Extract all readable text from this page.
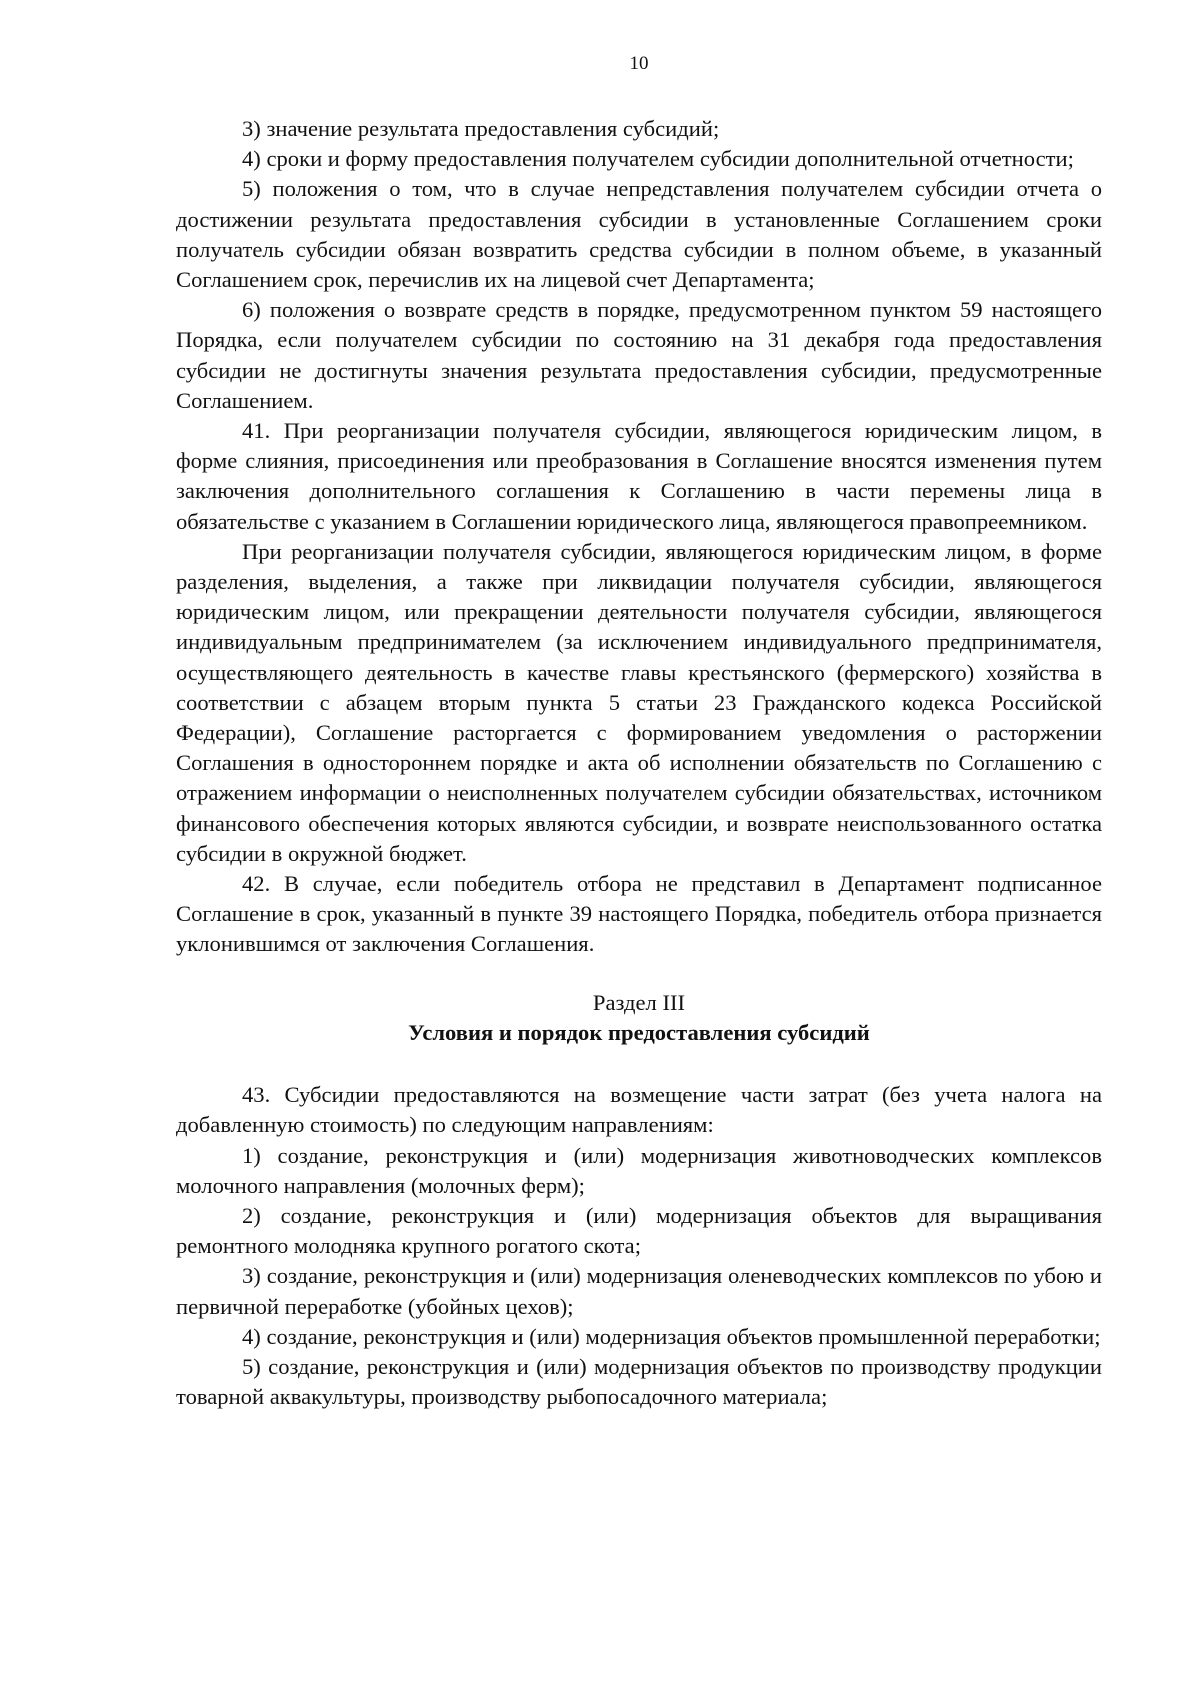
10

3) значение результата предоставления субсидий;

4) сроки и форму предоставления получателем субсидии дополнительной отчетности;

5) положения о том, что в случае непредставления получателем субсидии отчета о достижении результата предоставления субсидии в установленные Соглашением сроки получатель субсидии обязан возвратить средства субсидии в полном объеме, в указанный Соглашением срок, перечислив их на лицевой счет Департамента;

6) положения о возврате средств в порядке, предусмотренном пунктом 59 настоящего Порядка, если получателем субсидии по состоянию на 31 декабря года предоставления субсидии не достигнуты значения результата предоставления субсидии, предусмотренные Соглашением.

41. При реорганизации получателя субсидии, являющегося юридическим лицом, в форме слияния, присоединения или преобразования в Соглашение вносятся изменения путем заключения дополнительного соглашения к Соглашению в части перемены лица в обязательстве с указанием в Соглашении юридического лица, являющегося правопреемником.

При реорганизации получателя субсидии, являющегося юридическим лицом, в форме разделения, выделения, а также при ликвидации получателя субсидии, являющегося юридическим лицом, или прекращении деятельности получателя субсидии, являющегося индивидуальным предпринимателем (за исключением индивидуального предпринимателя, осуществляющего деятельность в качестве главы крестьянского (фермерского) хозяйства в соответствии с абзацем вторым пункта 5 статьи 23 Гражданского кодекса Российской Федерации), Соглашение расторгается с формированием уведомления о расторжении Соглашения в одностороннем порядке и акта об исполнении обязательств по Соглашению с отражением информации о неисполненных получателем субсидии обязательствах, источником финансового обеспечения которых являются субсидии, и возврате неиспользованного остатка субсидии в окружной бюджет.

42. В случае, если победитель отбора не представил в Департамент подписанное Соглашение в срок, указанный в пункте 39 настоящего Порядка, победитель отбора признается уклонившимся от заключения Соглашения.

Раздел III

Условия и порядок предоставления субсидий

43. Субсидии предоставляются на возмещение части затрат (без учета налога на добавленную стоимость) по следующим направлениям:

1) создание, реконструкция и (или) модернизация животноводческих комплексов молочного направления (молочных ферм);

2) создание, реконструкция и (или) модернизация объектов для выращивания ремонтного молодняка крупного рогатого скота;

3) создание, реконструкция и (или) модернизация оленеводческих комплексов по убою и первичной переработке (убойных цехов);

4) создание, реконструкция и (или) модернизация объектов промышленной переработки;

5) создание, реконструкция и (или) модернизация объектов по производству продукции товарной аквакультуры, производству рыбопосадочного материала;
